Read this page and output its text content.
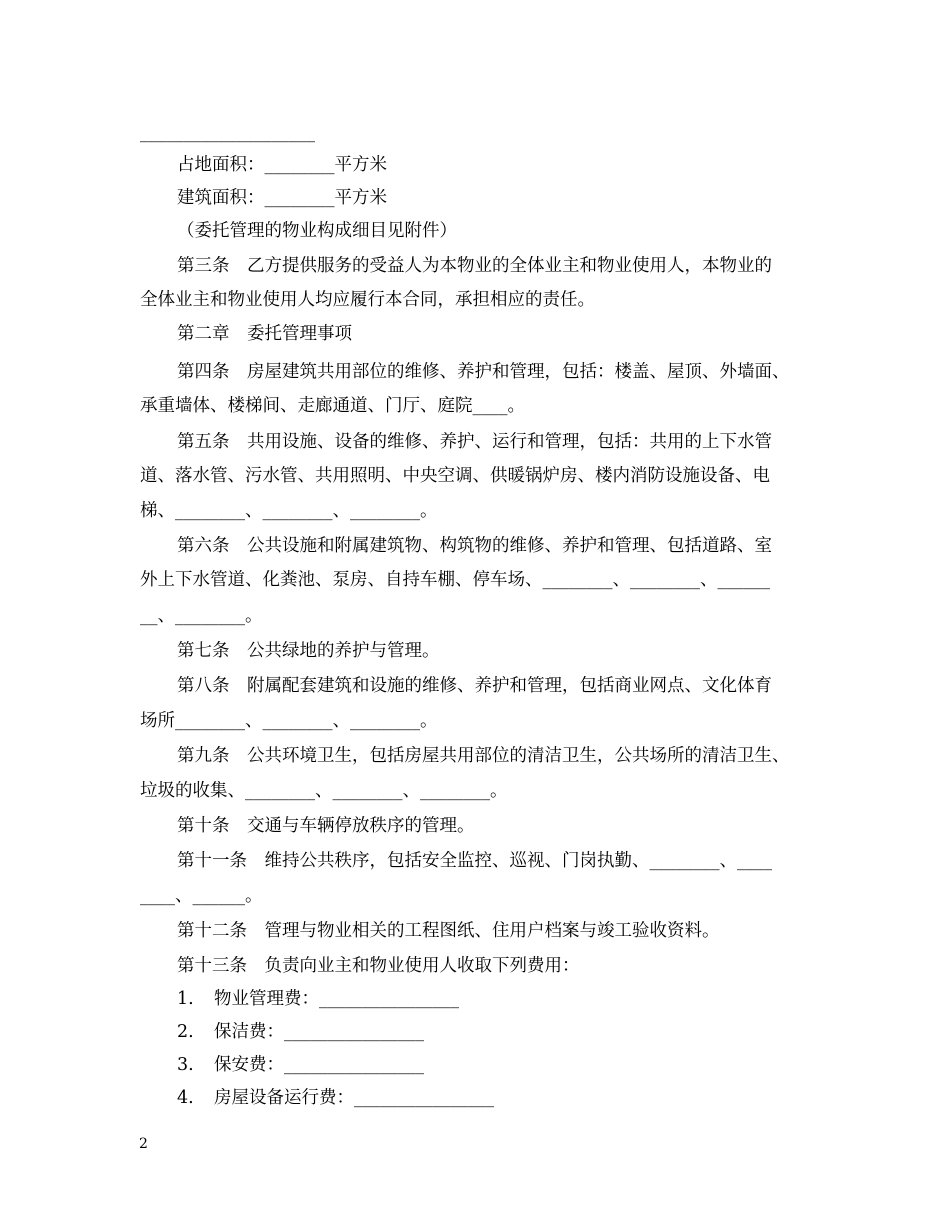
____________________
占地面积：________平方米
建筑面积：________平方米
（委托管理的物业构成细目见附件）
第三条　乙方提供服务的受益人为本物业的全体业主和物业使用人，本物业的
全体业主和物业使用人均应履行本合同，承担相应的责任。
第二章　委托管理事项
第四条　房屋建筑共用部位的维修、养护和管理，包括：楼盖、屋顶、外墙面、
承重墙体、楼梯间、走廊通道、门厅、庭院____。
第五条　共用设施、设备的维修、养护、运行和管理，包括：共用的上下水管
道、落水管、污水管、共用照明、中央空调、供暖锅炉房、楼内消防设施设备、电
梯、________、________、________。
第六条　公共设施和附属建筑物、构筑物的维修、养护和管理、包括道路、室
外上下水管道、化粪池、泵房、自持车棚、停车场、________、________、______
__、________。
第七条　公共绿地的养护与管理。
第八条　附属配套建筑和设施的维修、养护和管理，包括商业网点、文化体育
场所________、________、________。
第九条　公共环境卫生，包括房屋共用部位的清洁卫生，公共场所的清洁卫生、
垃圾的收集、________、________、________。
第十条　交通与车辆停放秩序的管理。
第十一条　维持公共秩序，包括安全监控、巡视、门岗执勤、________、____
____、______。
第十二条　管理与物业相关的工程图纸、住用户档案与竣工验收资料。
第十三条　负责向业主和物业使用人收取下列费用：
1. 物业管理费：________________
2. 保洁费：________________
3. 保安费：________________
4. 房屋设备运行费：________________
2
